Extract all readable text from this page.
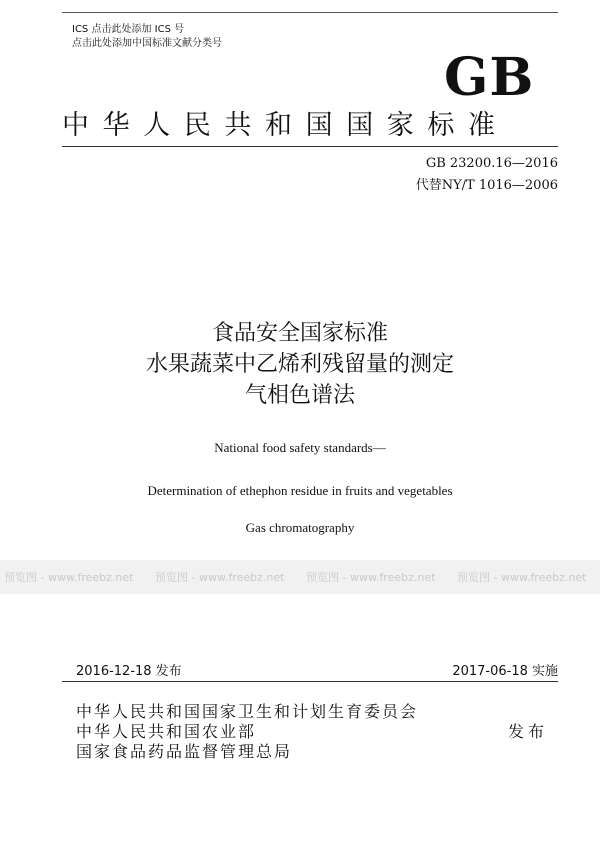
ICS 点击此处添加 ICS 号
点击此处添加中国标准文献分类号
GB
中华人民共和国国家标准
GB 23200.16—2016
代替NY/T 1016—2006
食品安全国家标准
水果蔬菜中乙烯利残留量的测定
气相色谱法
National food safety standards—
Determination of ethephon residue in fruits and vegetables
Gas chromatography
预览图 - www.freebz.net	预览图 - www.freebz.net	预览图 - www.freebz.net	预览图 - www.freebz.net
2016-12-18 发布	2017-06-18 实施
中华人民共和国国家卫生和计划生育委员会
中华人民共和国农业部
国家食品药品监督管理总局
发布
